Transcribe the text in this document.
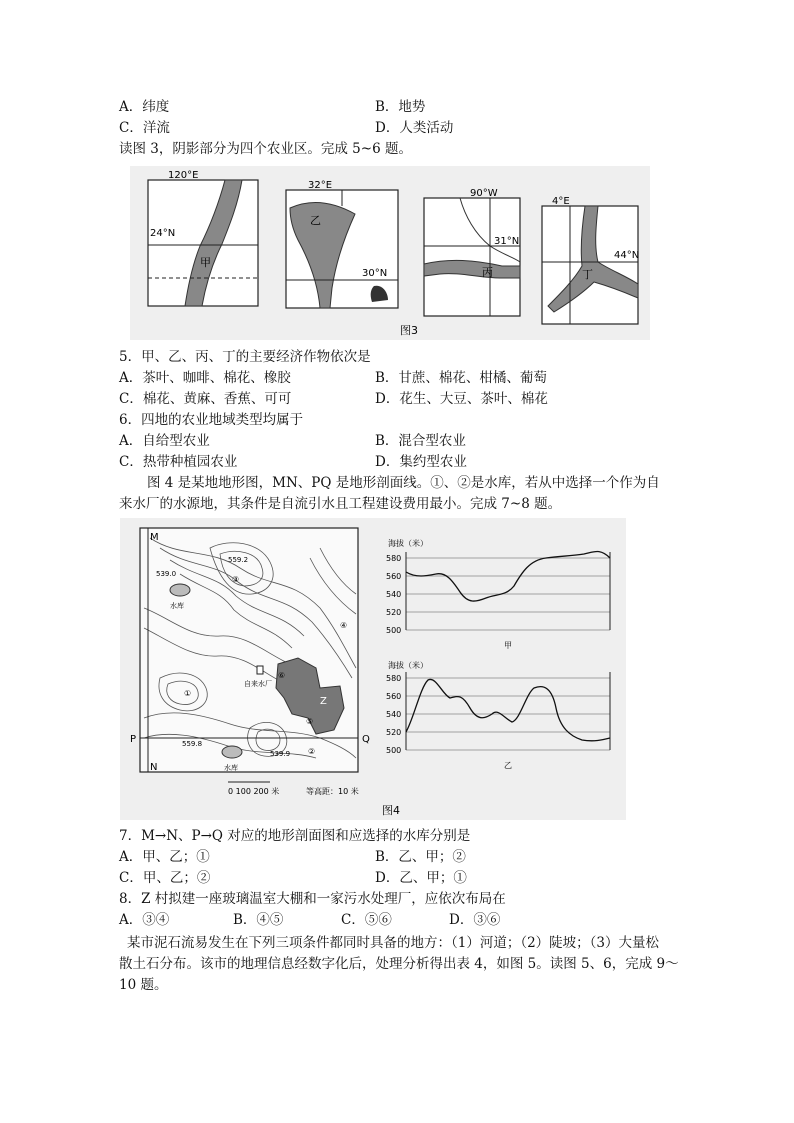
A．纬度	B．地势
C．洋流	D．人类活动
读图 3，阴影部分为四个农业区。完成 5~6 题。
120°E
24°N
甲
32°E
30°N
乙
90°W
31°N
丙
4°E
44°N
丁
图3
5．甲、乙、丙、丁的主要经济作物依次是
A．茶叶、咖啡、棉花、橡胶	B．甘蔗、棉花、柑橘、葡萄
C．棉花、黄麻、香蕉、可可	D．花生、大豆、茶叶、棉花
6．四地的农业地域类型均属于
A．自给型农业	B．混合型农业
C．热带种植园农业	D．集约型农业
图 4 是某地地形图，MN、PQ 是地形剖面线。①、②是水库，若从中选择一个作为自
来水厂的水源地，其条件是自流引水且工程建设费用最小。完成 7~8 题。
M
N
P	Q
559.2
539.0
559.8
539.9
水库
水库
自来水厂
Z
①
②
③
④
⑤
⑥
0 100 200 米	等高距：10 米
海拔（米）
580
560
540
520
500
甲
海拔（米）
580
560
540
520
500
乙
图4
7．M→N、P→Q 对应的地形剖面图和应选择的水库分别是
A．甲、乙；①	B．乙、甲；②
C．甲、乙；②	D．乙、甲；①
8．Z 村拟建一座玻璃温室大棚和一家污水处理厂，应依次布局在
A．③④	B．④⑤	C．⑤⑥	D．③⑥
某市泥石流易发生在下列三项条件都同时具备的地方：（1）河道；（2）陡坡；（3）大量松
散土石分布。该市的地理信息经数字化后，处理分析得出表 4，如图 5。读图 5、6，完成 9～
10 题。
